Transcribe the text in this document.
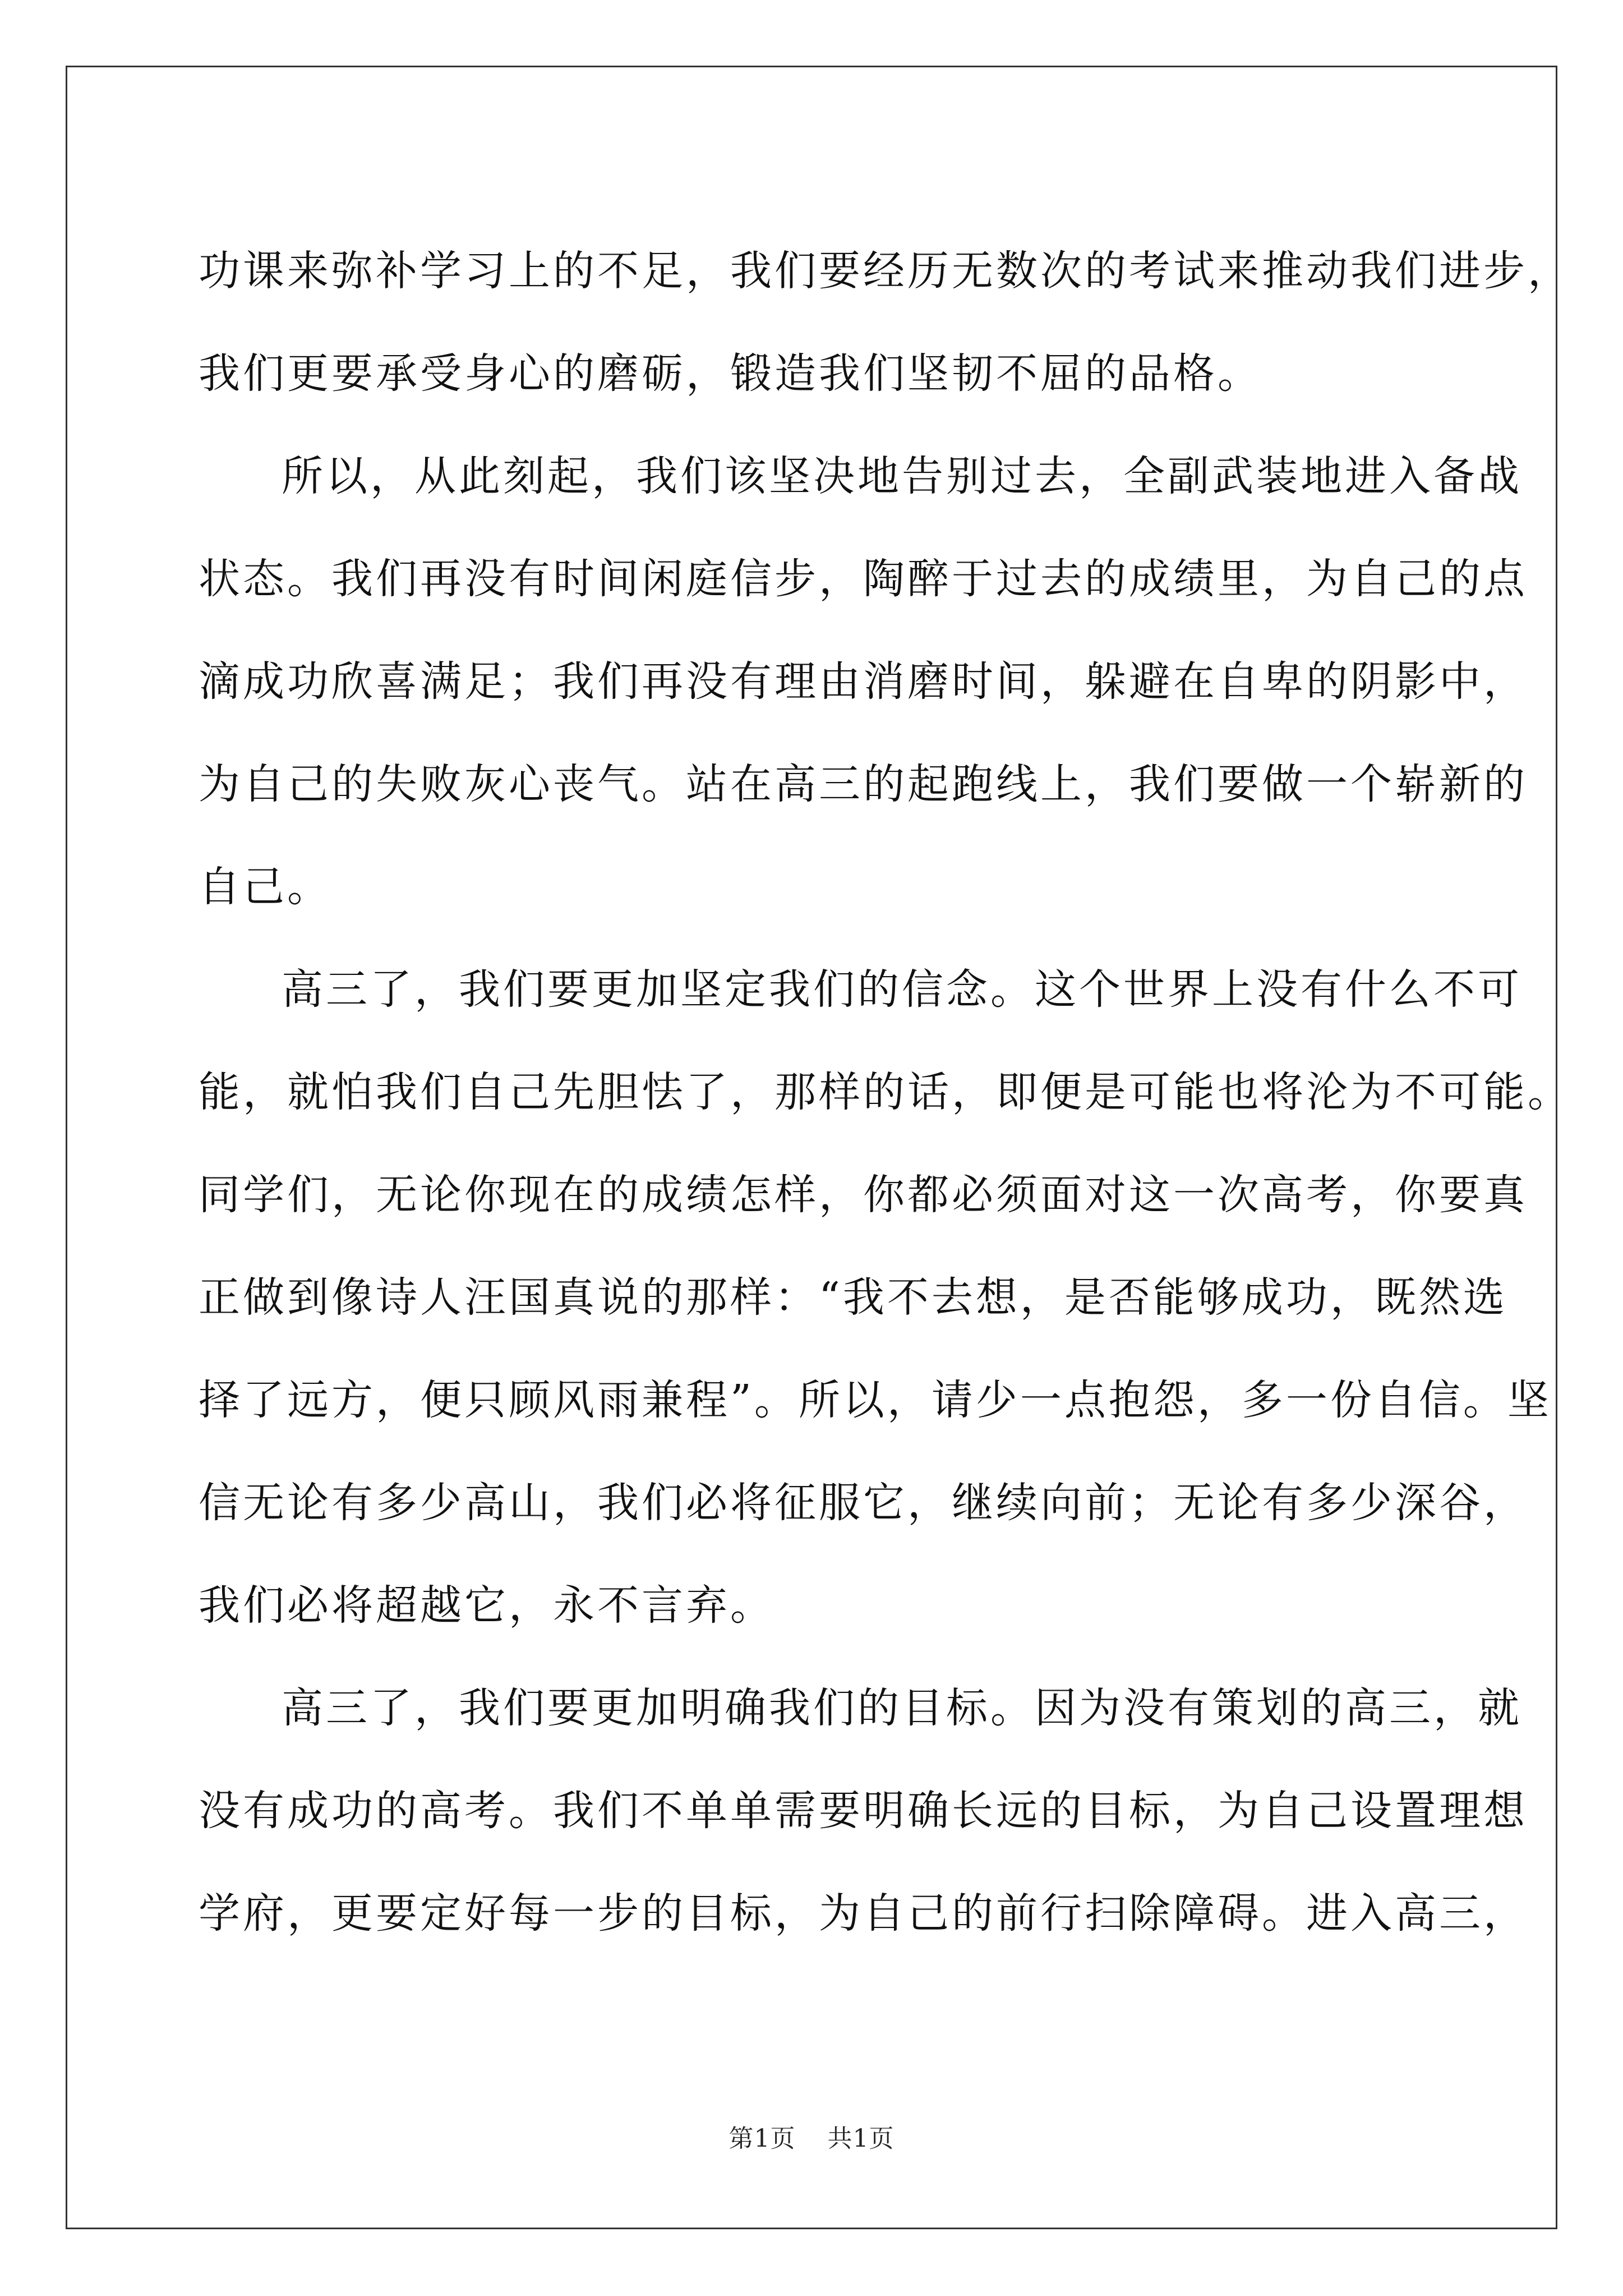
功课来弥补学习上的不足，我们要经历无数次的考试来推动我们进步，
我们更要承受身心的磨砺，锻造我们坚韧不屈的品格。

所以，从此刻起，我们该坚决地告别过去，全副武装地进入备战
状态。我们再没有时间闲庭信步，陶醉于过去的成绩里，为自己的点
滴成功欣喜满足；我们再没有理由消磨时间，躲避在自卑的阴影中，
为自己的失败灰心丧气。站在高三的起跑线上，我们要做一个崭新的
自己。

高三了，我们要更加坚定我们的信念。这个世界上没有什么不可
能，就怕我们自己先胆怯了，那样的话，即便是可能也将沦为不可能。
同学们，无论你现在的成绩怎样，你都必须面对这一次高考，你要真
正做到像诗人汪国真说的那样：“我不去想，是否能够成功，既然选
择了远方，便只顾风雨兼程”。所以，请少一点抱怨，多一份自信。坚
信无论有多少高山，我们必将征服它，继续向前；无论有多少深谷，
我们必将超越它，永不言弃。

高三了，我们要更加明确我们的目标。因为没有策划的高三，就
没有成功的高考。我们不单单需要明确长远的目标，为自己设置理想
学府，更要定好每一步的目标，为自己的前行扫除障碍。进入高三，

第1页 共1页
